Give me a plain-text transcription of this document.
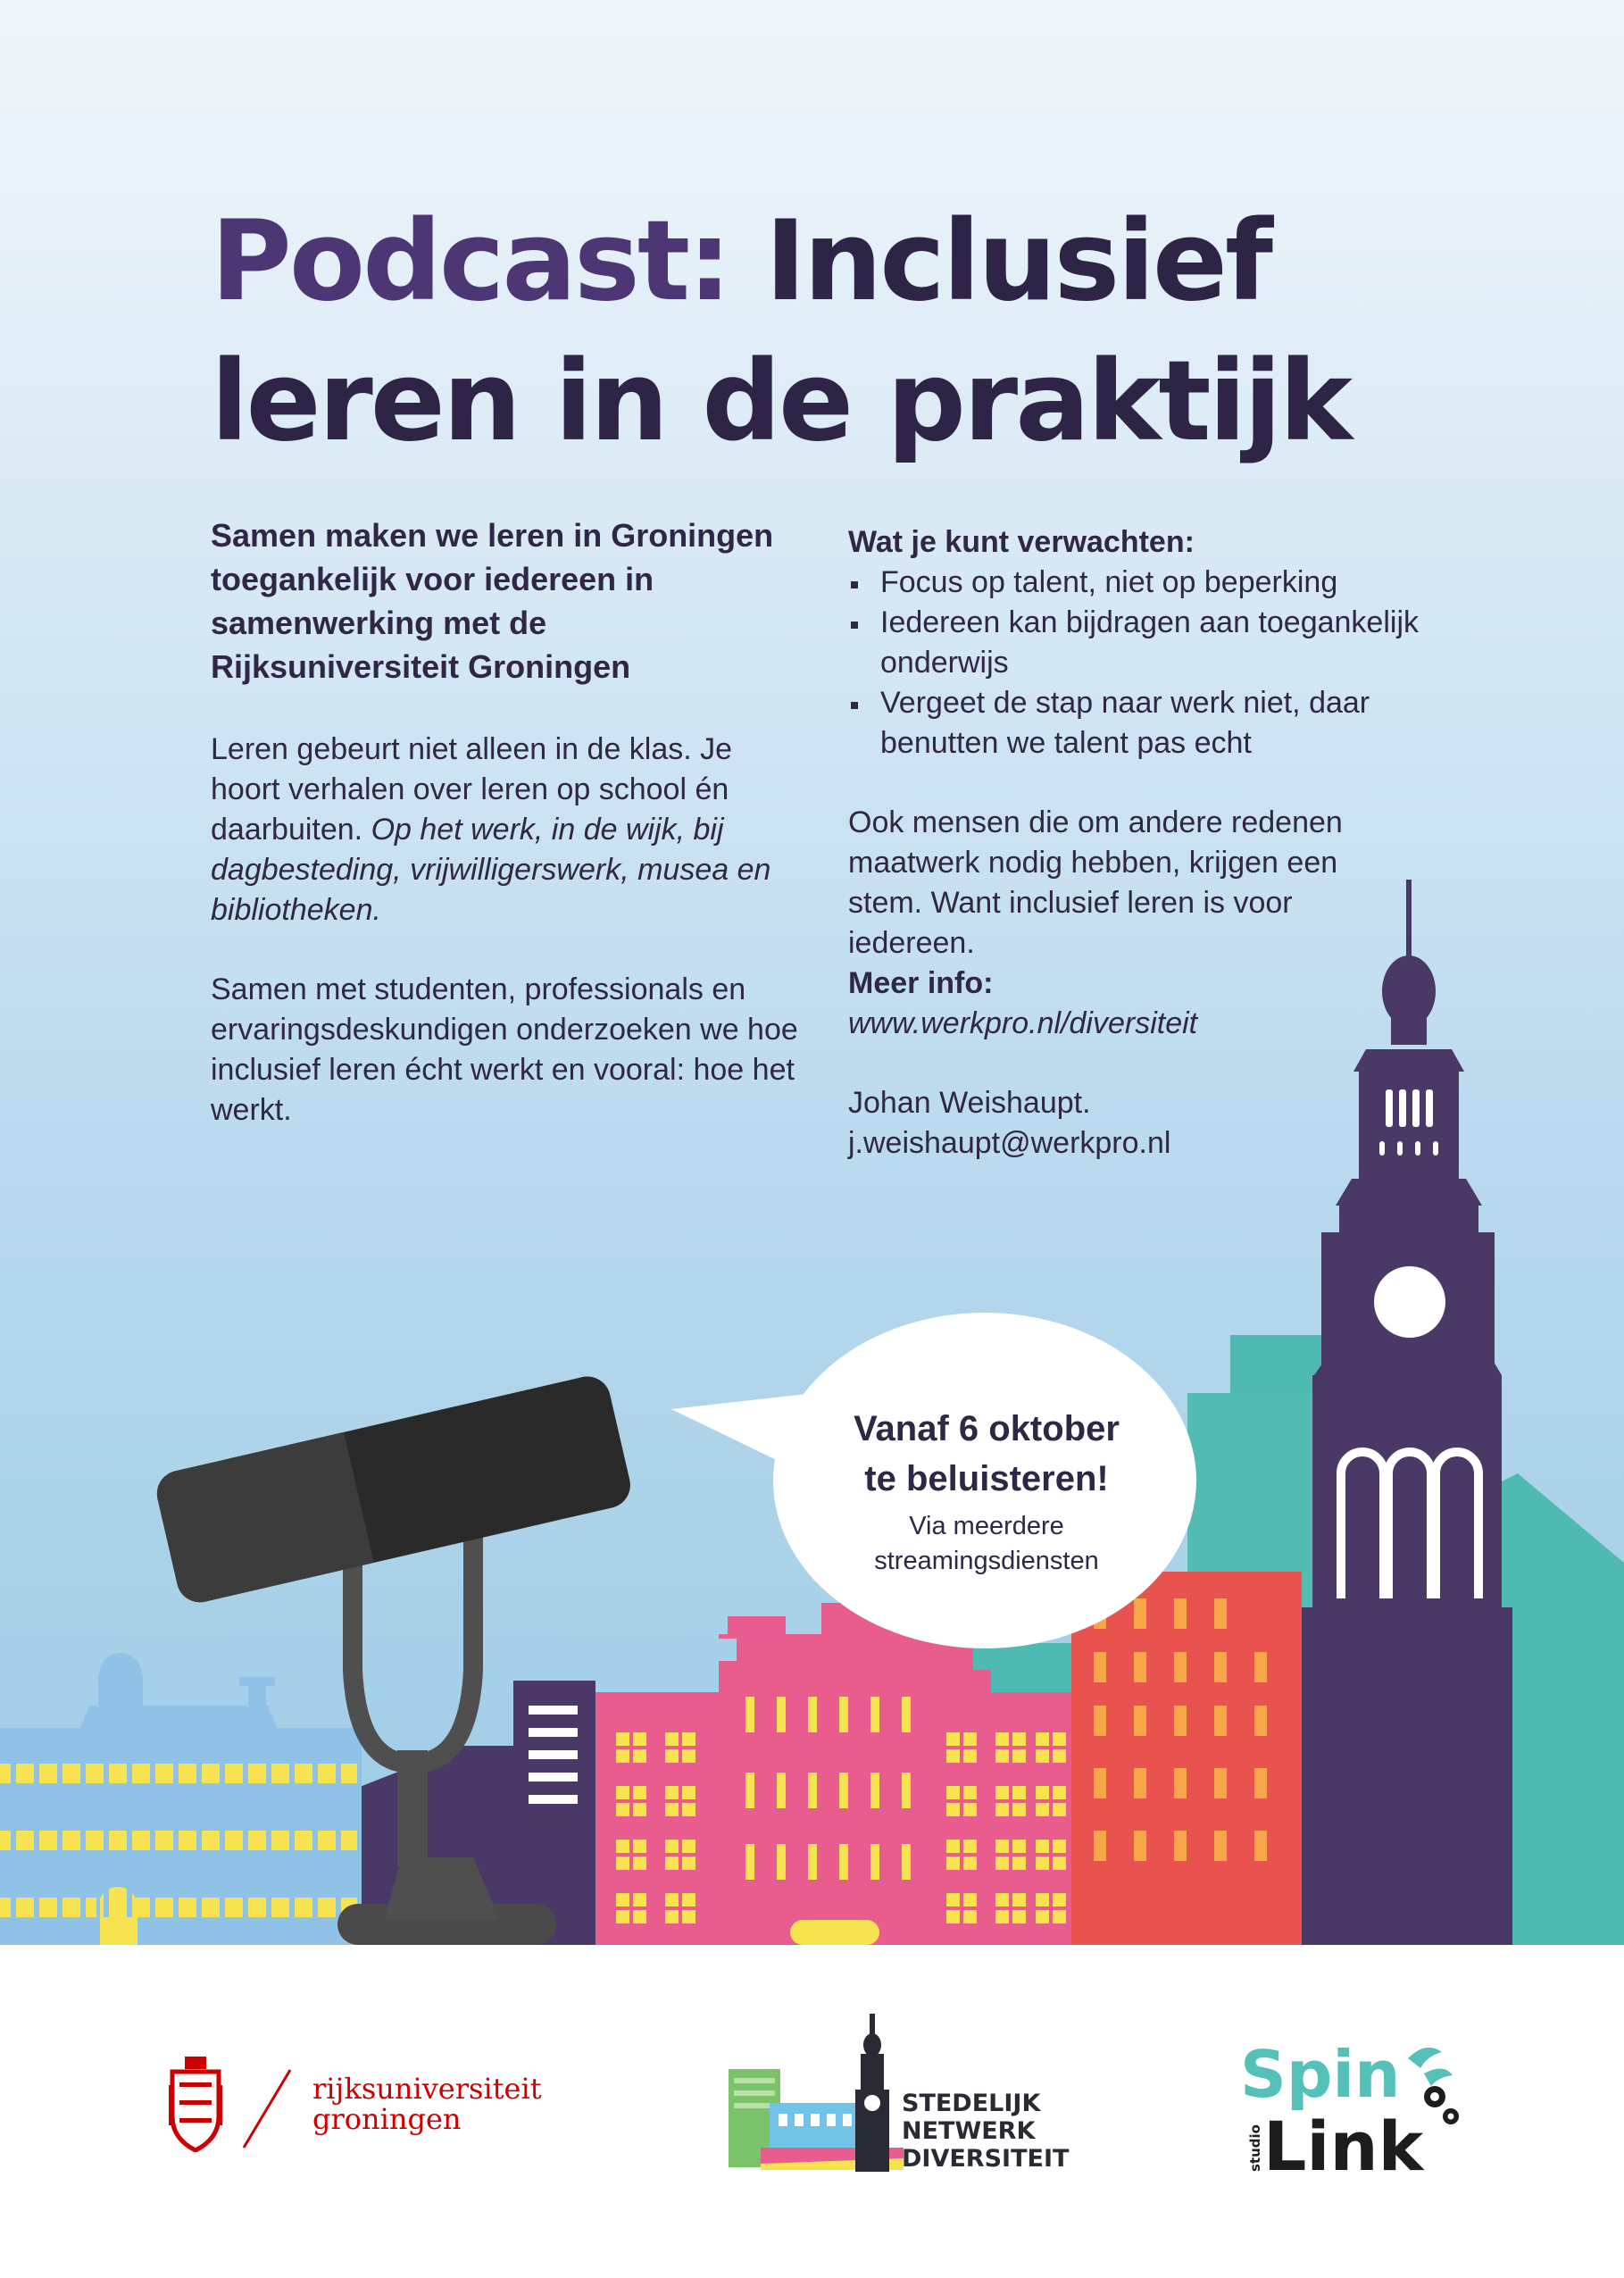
Podcast: Inclusief
leren in de praktijk

Samen maken we leren in Groningen toegankelijk voor iedereen in samenwerking met de Rijksuniversiteit Groningen

Leren gebeurt niet alleen in de klas. Je hoort verhalen over leren op school én daarbuiten. Op het werk, in de wijk, bij dagbesteding, vrijwilligerswerk, musea en bibliotheken.

Samen met studenten, professionals en ervaringsdeskundigen onderzoeken we hoe inclusief leren écht werkt en vooral: hoe het werkt.

Wat je kunt verwachten:

Focus op talent, niet op beperking
Iedereen kan bijdragen aan toegankelijk onderwijs
Vergeet de stap naar werk niet, daar benutten we talent pas echt

Ook mensen die om andere redenen maatwerk nodig hebben, krijgen een stem. Want inclusief leren is voor iedereen.

Meer info:

www.werkpro.nl/diversiteit

Johan Weishaupt.

j.weishaupt@werkpro.nl

Vanaf 6 oktober
te beluisteren!

Via meerdere
streamingsdiensten

rijksuniversiteit
groningen	STEDELIJK
NETWERK
DIVERSITEIT
Spin
Link
studio
